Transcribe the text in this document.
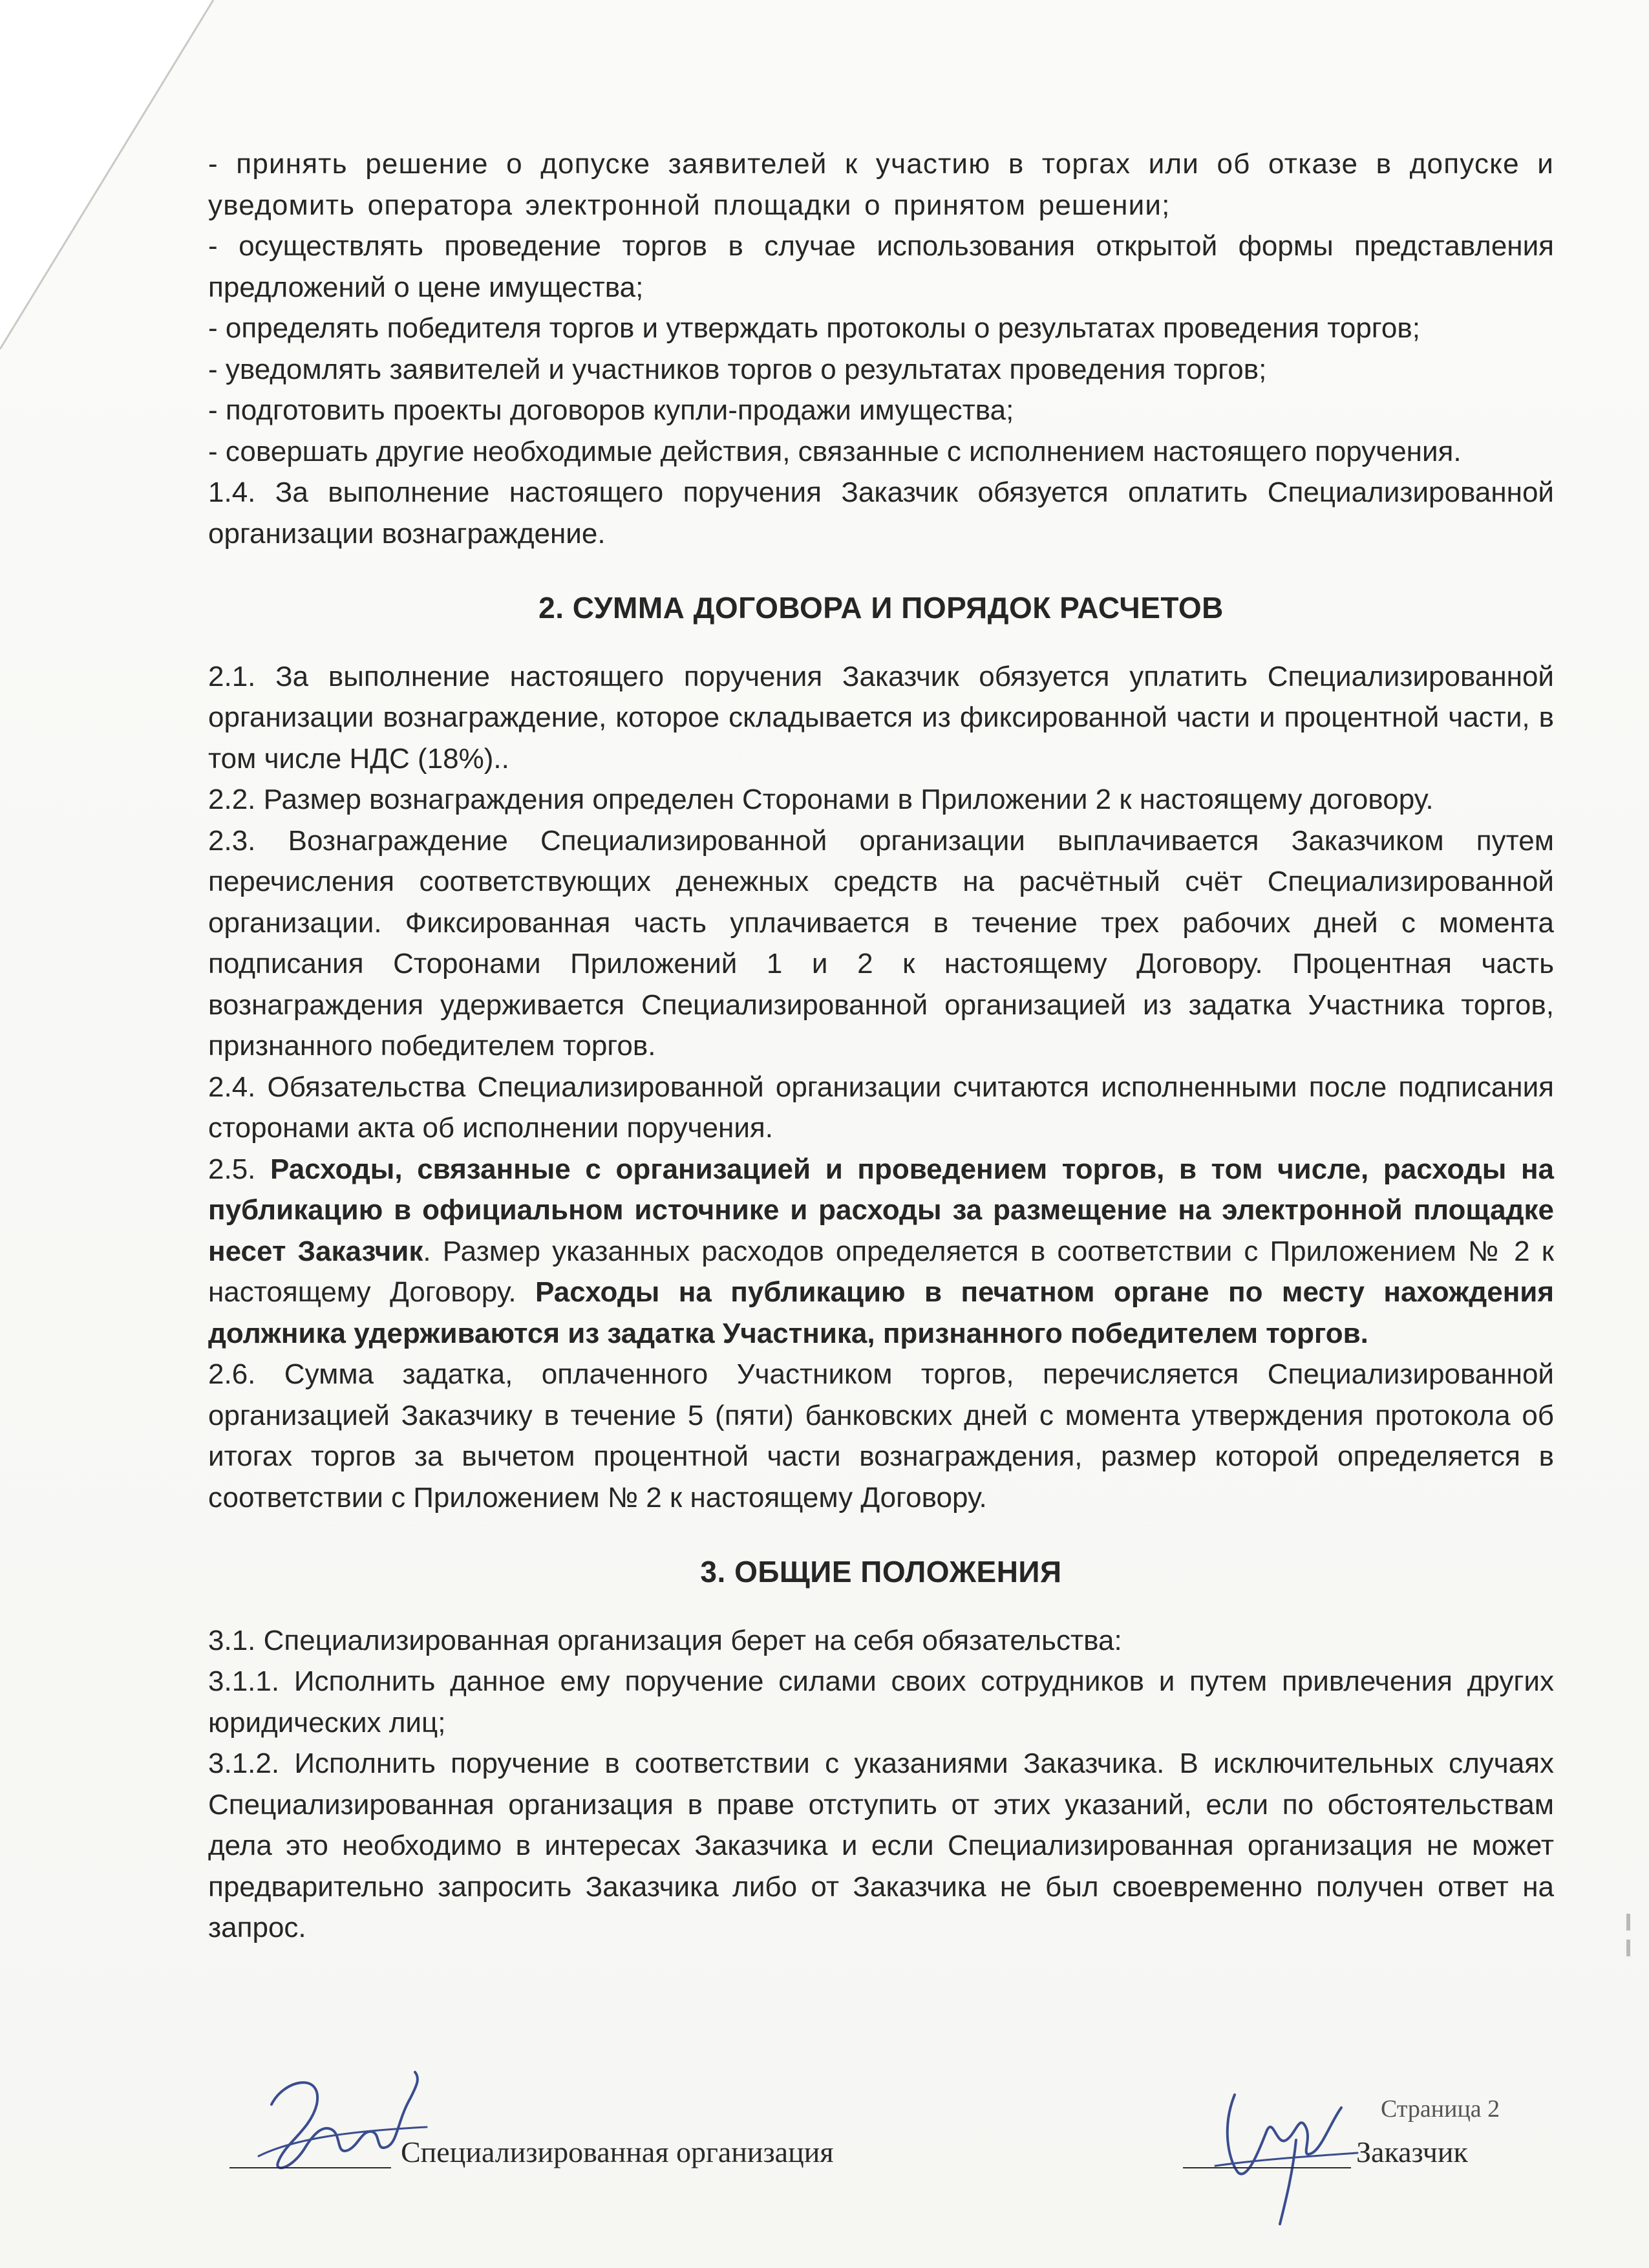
- принять решение о допуске заявителей к участию в торгах или об отказе в допуске и уведомить оператора электронной площадки о принятом решении;

- осуществлять проведение торгов в случае использования открытой формы представления предложений о цене имущества;

- определять победителя торгов и утверждать протоколы о результатах проведения торгов;

- уведомлять заявителей и участников торгов о результатах проведения торгов;

- подготовить проекты договоров купли-продажи имущества;

- совершать другие необходимые действия, связанные с исполнением настоящего поручения.

1.4. За выполнение настоящего поручения Заказчик обязуется оплатить Специализированной организации вознаграждение.

2. СУММА ДОГОВОРА И ПОРЯДОК РАСЧЕТОВ

2.1. За выполнение настоящего поручения Заказчик обязуется уплатить Специализированной организации вознаграждение, которое складывается из фиксированной части и процентной части, в том числе НДС (18%)..

2.2. Размер вознаграждения определен Сторонами в Приложении 2 к настоящему договору.

2.3. Вознаграждение Специализированной организации выплачивается Заказчиком путем перечисления соответствующих денежных средств на расчётный счёт Специализированной организации. Фиксированная часть уплачивается в течение трех рабочих дней с момента подписания Сторонами Приложений 1 и 2 к настоящему Договору. Процентная часть вознаграждения удерживается Специализированной организацией из задатка Участника торгов, признанного победителем торгов.

2.4. Обязательства Специализированной организации считаются исполненными после подписания сторонами акта об исполнении поручения.

2.5. Расходы, связанные с организацией и проведением торгов, в том числе, расходы на публикацию в официальном источнике и расходы за размещение на электронной площадке несет Заказчик. Размер указанных расходов определяется в соответствии с Приложением № 2 к настоящему Договору. Расходы на публикацию в печатном органе по месту нахождения должника удерживаются из задатка Участника, признанного победителем торгов.

2.6. Сумма задатка, оплаченного Участником торгов, перечисляется Специализированной организацией Заказчику в течение 5 (пяти) банковских дней с момента утверждения протокола об итогах торгов за вычетом процентной части вознаграждения, размер которой определяется в соответствии с Приложением № 2 к настоящему Договору.

3. ОБЩИЕ ПОЛОЖЕНИЯ

3.1. Специализированная организация берет на себя обязательства:

3.1.1. Исполнить данное ему поручение силами своих сотрудников и путем привлечения других юридических лиц;

3.1.2. Исполнить поручение в соответствии с указаниями Заказчика. В исключительных случаях Специализированная организация в праве отступить от этих указаний, если по обстоятельствам дела это необходимо в интересах Заказчика и если Специализированная организация не может предварительно запросить Заказчика либо от Заказчика не был своевременно получен ответ на запрос.

Страница 2
Специализированная организация	Заказчик
